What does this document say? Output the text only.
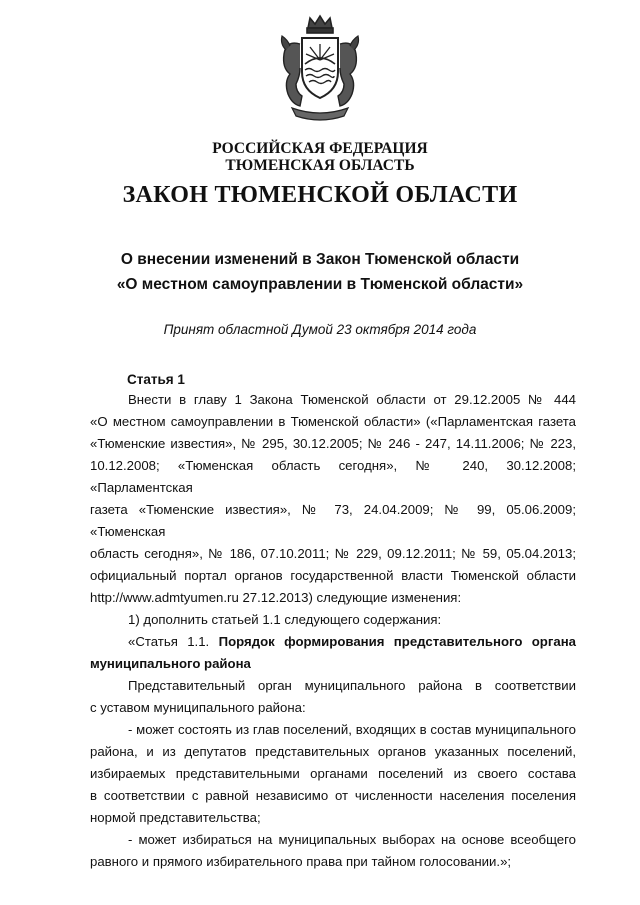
РОССИЙСКАЯ ФЕДЕРАЦИЯ
ТЮМЕНСКАЯ ОБЛАСТЬ
ЗАКОН ТЮМЕНСКОЙ ОБЛАСТИ
О внесении изменений в Закон Тюменской области
«О местном самоуправлении в Тюменской области»
Принят областной Думой 23 октября 2014 года
Статья 1
Внести в главу 1 Закона Тюменской области от 29.12.2005 № 444
«О местном самоуправлении в Тюменской области» («Парламентская газета
«Тюменские известия», № 295, 30.12.2005; № 246 - 247, 14.11.2006; № 223,
10.12.2008; «Тюменская область сегодня», № 240, 30.12.2008; «Парламентская
газета «Тюменские известия», № 73, 24.04.2009; № 99, 05.06.2009; «Тюменская
область сегодня», № 186, 07.10.2011; № 229, 09.12.2011; № 59, 05.04.2013;
официальный портал органов государственной власти Тюменской области
http://www.admtyumen.ru 27.12.2013) следующие изменения:
1) дополнить статьей 1.1 следующего содержания:
«Статья 1.1. Порядок формирования представительного органа
муниципального района
Представительный орган муниципального района в соответствии
с уставом муниципального района:
- может состоять из глав поселений, входящих в состав муниципального
района, и из депутатов представительных органов указанных поселений,
избираемых представительными органами поселений из своего состава
в соответствии с равной независимо от численности населения поселения
нормой представительства;
- может избираться на муниципальных выборах на основе всеобщего
равного и прямого избирательного права при тайном голосовании.»;
